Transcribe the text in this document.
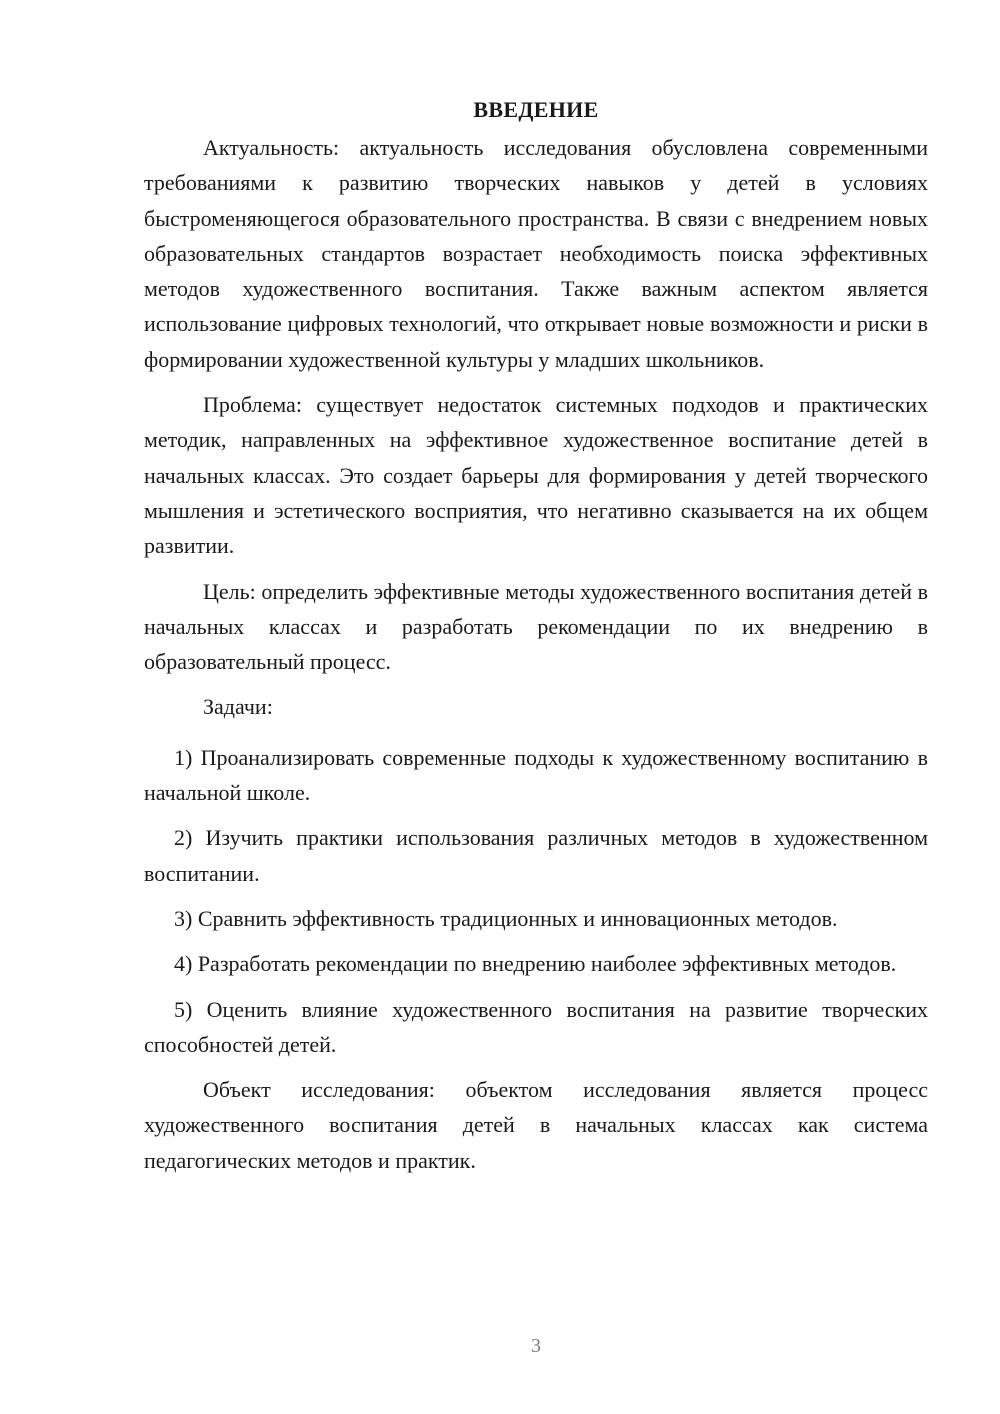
ВВЕДЕНИЕ

Актуальность: актуальность исследования обусловлена современными требованиями к развитию творческих навыков у детей в условиях быстроменяющегося образовательного пространства. В связи с внедрением новых образовательных стандартов возрастает необходимость поиска эффективных методов художественного воспитания. Также важным аспектом является использование цифровых технологий, что открывает новые возможности и риски в формировании художественной культуры у младших школьников.

Проблема: существует недостаток системных подходов и практических методик, направленных на эффективное художественное воспитание детей в начальных классах. Это создает барьеры для формирования у детей творческого мышления и эстетического восприятия, что негативно сказывается на их общем развитии.

Цель: определить эффективные методы художественного воспитания детей в начальных классах и разработать рекомендации по их внедрению в образовательный процесс.

Задачи:

1) Проанализировать современные подходы к художественному воспитанию в начальной школе.

2) Изучить практики использования различных методов в художественном воспитании.

3) Сравнить эффективность традиционных и инновационных методов.

4) Разработать рекомендации по внедрению наиболее эффективных методов.

5) Оценить влияние художественного воспитания на развитие творческих способностей детей.

Объект исследования: объектом исследования является процесс художественного воспитания детей в начальных классах как система педагогических методов и практик.

3
